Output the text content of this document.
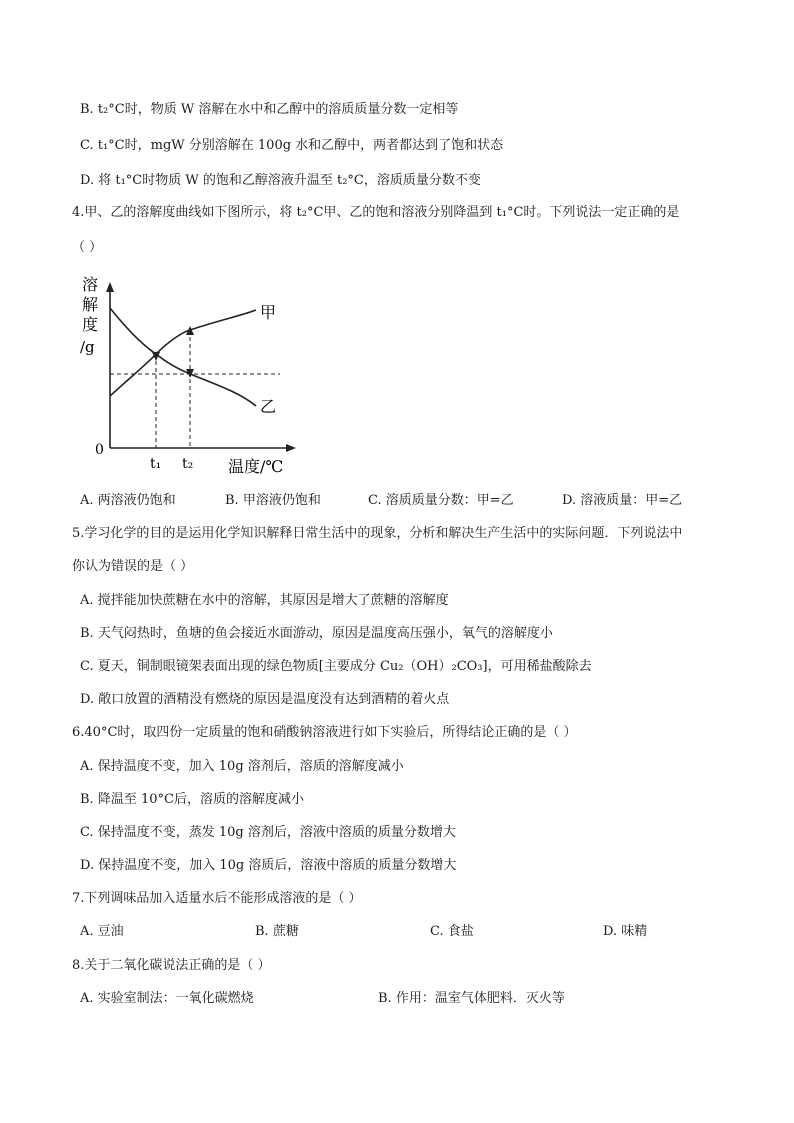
B. t₂°C时，物质 W 溶解在水中和乙醇中的溶质质量分数一定相等
C. t₁°C时，mgW 分别溶解在 100g 水和乙醇中，两者都达到了饱和状态
D. 将 t₁°C时物质 W 的饱和乙醇溶液升温至 t₂°C，溶质质量分数不变
4.甲、乙的溶解度曲线如下图所示，将 t₂°C甲、乙的饱和溶液分别降温到 t₁°C时。下列说法一定正确的是
（ ）
溶
解
度
/g
0
t₁ t₂ 温度/℃
甲
乙
A. 两溶液仍饱和	B. 甲溶液仍饱和	C. 溶质质量分数：甲=乙	D. 溶液质量：甲=乙
5.学习化学的目的是运用化学知识解释日常生活中的现象，分析和解决生产生活中的实际问题．下列说法中
你认为错误的是（ ）
A. 搅拌能加快蔗糖在水中的溶解，其原因是增大了蔗糖的溶解度
B. 天气闷热时，鱼塘的鱼会接近水面游动，原因是温度高压强小，氧气的溶解度小
C. 夏天，铜制眼镜架表面出现的绿色物质[主要成分 Cu₂（OH）₂CO₃]，可用稀盐酸除去
D. 敞口放置的酒精没有燃烧的原因是温度没有达到酒精的着火点
6.40°C时，取四份一定质量的饱和硝酸钠溶液进行如下实验后，所得结论正确的是（ ）
A. 保持温度不变，加入 10g 溶剂后，溶质的溶解度减小
B. 降温至 10°C后，溶质的溶解度减小
C. 保持温度不变，蒸发 10g 溶剂后，溶液中溶质的质量分数增大
D. 保持温度不变，加入 10g 溶质后，溶液中溶质的质量分数增大
7.下列调味品加入适量水后不能形成溶液的是（ ）
A. 豆油	B. 蔗糖	C. 食盐	D. 味精
8.关于二氧化碳说法正确的是（ ）
A. 实验室制法：一氧化碳燃烧	B. 作用：温室气体肥料．灭火等
